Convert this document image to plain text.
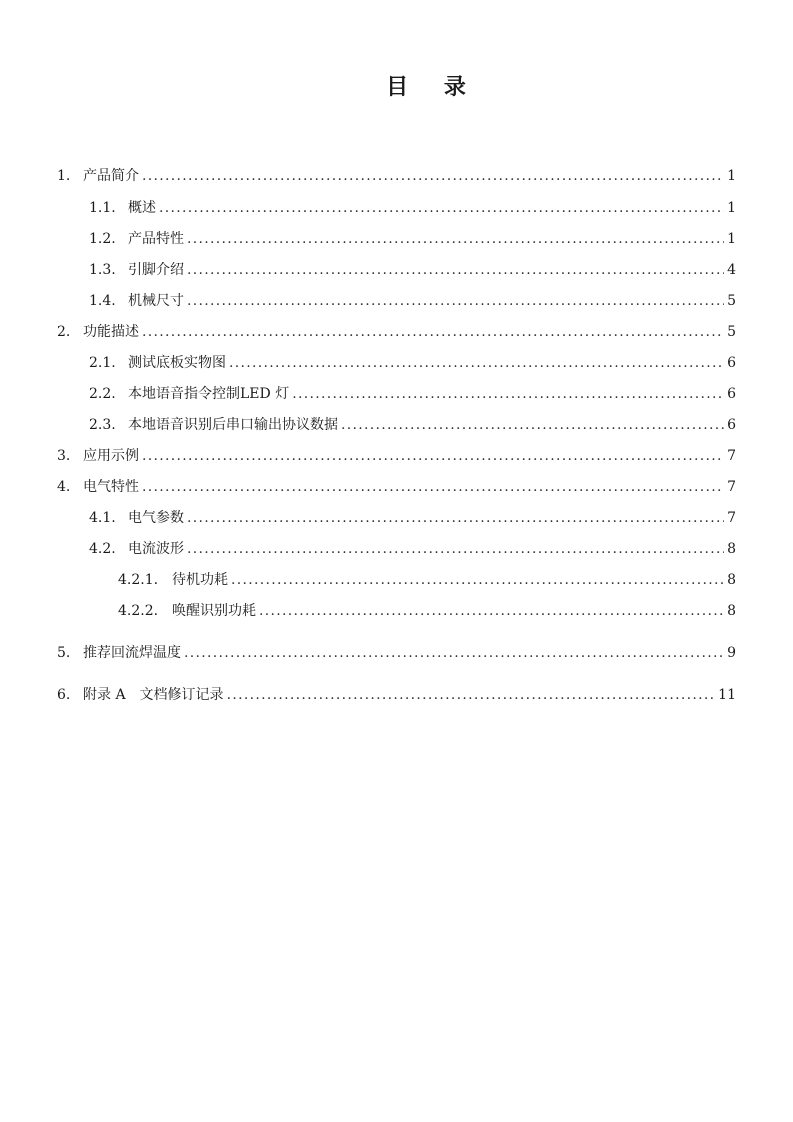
目 录
1. 产品简介 .....	1
1.1. 概述 .....	1
1.2. 产品特性 .....	1
1.3. 引脚介绍 .....	4
1.4. 机械尺寸 .....	5
2. 功能描述 .....	5
2.1. 测试底板实物图 .....	6
2.2. 本地语音指令控制LED 灯 .....	6
2.3. 本地语音识别后串口输出协议数据 .....	6
3. 应用示例 .....	7
4. 电气特性 .....	7
4.1. 电气参数 .....	7
4.2. 电流波形 .....	8
4.2.1. 待机功耗 .....	8
4.2.2. 唤醒识别功耗 .....	8
5. 推荐回流焊温度 .....	9
6. 附录 A　文档修订记录 .....	11
